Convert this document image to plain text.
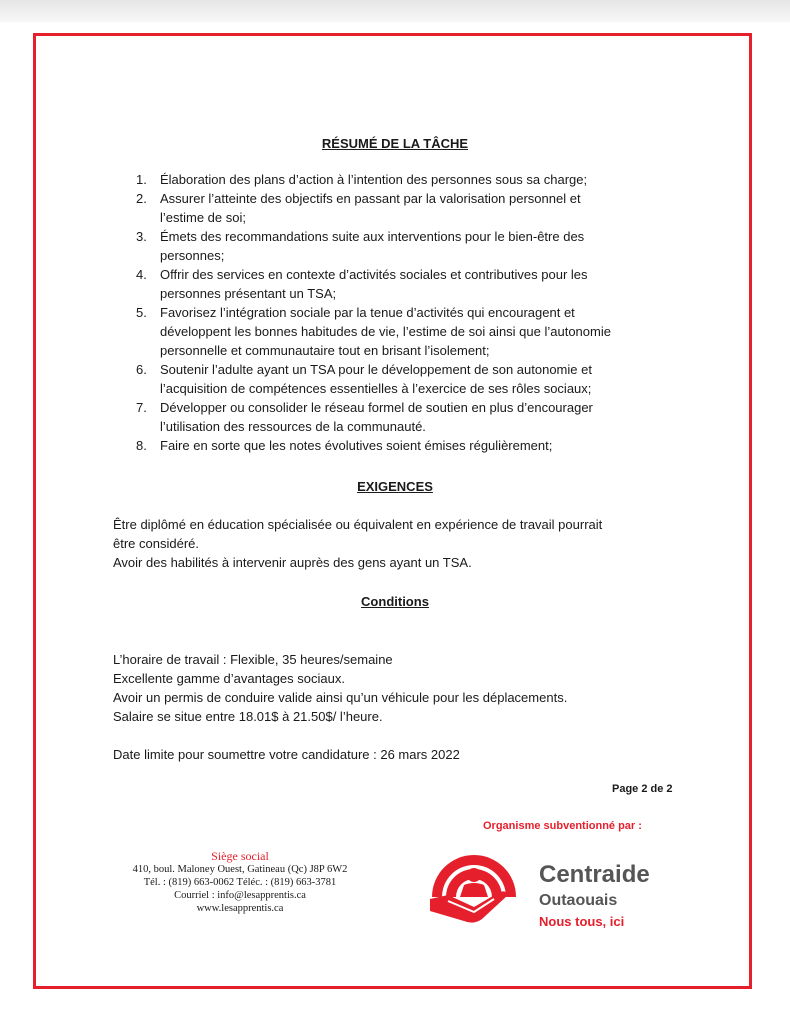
RÉSUMÉ DE LA TÂCHE
1. Élaboration des plans d’action à l’intention des personnes sous sa charge;
2. Assurer l’atteinte des objectifs en passant par la valorisation personnel et
l’estime de soi;
3. Émets des recommandations suite aux interventions pour le bien-être des
personnes;
4. Offrir des services en contexte d’activités sociales et contributives pour les
personnes présentant un TSA;
5. Favorisez l’intégration sociale par la tenue d’activités qui encouragent et
développent les bonnes habitudes de vie, l’estime de soi ainsi que l’autonomie
personnelle et communautaire tout en brisant l’isolement;
6. Soutenir l’adulte ayant un TSA pour le développement de son autonomie et
l’acquisition de compétences essentielles à l’exercice de ses rôles sociaux;
7. Développer ou consolider le réseau formel de soutien en plus d’encourager
l’utilisation des ressources de la communauté.
8. Faire en sorte que les notes évolutives soient émises régulièrement;
EXIGENCES
Être diplômé en éducation spécialisée ou équivalent en expérience de travail pourrait
être considéré.
Avoir des habilités à intervenir auprès des gens ayant un TSA.
Conditions
L’horaire de travail : Flexible, 35 heures/semaine
Excellente gamme d’avantages sociaux.
Avoir un permis de conduire valide ainsi qu’un véhicule pour les déplacements.
Salaire se situe entre 18.01$ à 21.50$/ l’heure.
Date limite pour soumettre votre candidature : 26 mars 2022
Page 2 de 2
Organisme subventionné par :
Siège social
410, boul. Maloney Ouest, Gatineau (Qc) J8P 6W2
Tél. : (819) 663-0062 Téléc. : (819) 663-3781
Courriel : info@lesapprentis.ca
www.lesapprentis.ca
Centraide
Outaouais
Nous tous, ici
